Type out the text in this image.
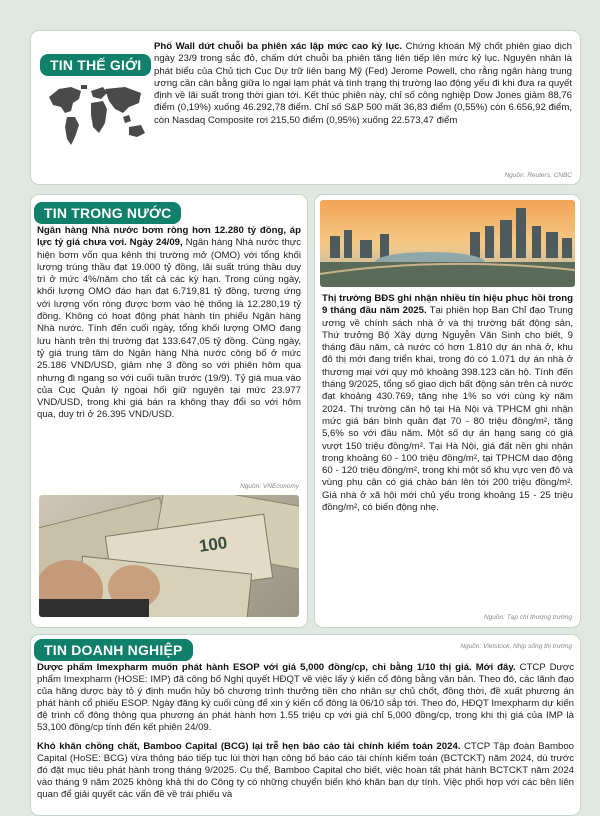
TIN THẾ GIỚI

Phố Wall dứt chuỗi ba phiên xác lập mức cao kỷ lục. Chứng khoán Mỹ chốt phiên giao dịch ngày 23/9 trong sắc đỏ, chấm dứt chuỗi ba phiên tăng liên tiếp lên mức kỷ lục. Nguyên nhân là phát biểu của Chủ tịch Cục Dự trữ liên bang Mỹ (Fed) Jerome Powell, cho rằng ngân hàng trung ương cần cân bằng giữa lo ngại lạm phát và tình trạng thị trường lao động yếu đi khi đưa ra quyết định về lãi suất trong thời gian tới. Kết thúc phiên này, chỉ số công nghiệp Dow Jones giảm 88,76 điểm (0,19%) xuống 46.292,78 điểm. Chỉ số S&P 500 mất 36,83 điểm (0,55%) còn 6.656,92 điểm, còn Nasdaq Composite rơi 215,50 điểm (0,95%) xuống 22.573,47 điểm

Nguồn: Reuters, CNBC
TIN TRONG NƯỚC

Ngân hàng Nhà nước bơm ròng hơn 12.280 tỷ đồng, áp lực tỷ giá chưa vơi. Ngày 24/09, Ngân hàng Nhà nước thực hiện bơm vốn qua kênh thị trường mở (OMO) với tổng khối lượng trúng thầu đạt 19.000 tỷ đồng, lãi suất trúng thầu duy trì ở mức 4%/năm cho tất cả các kỳ hạn. Trong cùng ngày, khối lượng OMO đáo hạn đạt 6.719,81 tỷ đồng, tương ứng với lượng vốn ròng được bơm vào hệ thống là 12.280,19 tỷ đồng. Không có hoạt động phát hành tín phiếu Ngân hàng Nhà nước. Tính đến cuối ngày, tổng khối lượng OMO đang lưu hành trên thị trường đạt 133.647,05 tỷ đồng. Cùng ngày, tỷ giá trung tâm do Ngân hàng Nhà nước công bố ở mức 25.186 VND/USD, giảm nhẹ 3 đồng so với phiên hôm qua nhưng đi ngang so với cuối tuần trước (19/9). Tỷ giá mua vào của Cục Quản lý ngoại hối giữ nguyên tại mức 23.977 VND/USD, trong khi giá bán ra không thay đổi so với hôm qua, duy trì ở 26.395 VND/USD.

Nguồn: VNEconomy
100

Thị trường BĐS ghi nhận nhiều tín hiệu phục hồi trong 9 tháng đầu năm 2025. Tại phiên họp Ban Chỉ đạo Trung ương về chính sách nhà ở và thị trường bất động sản, Thứ trưởng Bộ Xây dựng Nguyễn Văn Sinh cho biết, 9 tháng đầu năm, cả nước có hơn 1.810 dự án nhà ở, khu đô thị mới đang triển khai, trong đó có 1.071 dự án nhà ở thương mại với quy mô khoảng 398.123 căn hộ. Tính đến tháng 9/2025, tổng số giao dịch bất động sản trên cả nước đạt khoảng 430.769, tăng nhẹ 1% so với cùng kỳ năm 2024. Thị trường căn hộ tại Hà Nội và TPHCM ghi nhận mức giá bán bình quân đạt 70 - 80 triệu đồng/m², tăng 5,6% so với đầu năm. Một số dự án hạng sang có giá vượt 150 triệu đồng/m². Tại Hà Nội, giá đất nền ghi nhận trong khoảng 60 - 100 triệu đồng/m², tại TPHCM dao động 60 - 120 triệu đồng/m², trong khi một số khu vực ven đô và vùng phụ cận có giá chào bán lên tới 200 triệu đồng/m². Giá nhà ở xã hội mới chủ yếu trong khoảng 15 - 25 triệu đồng/m², có biến động nhẹ.

Nguồn: Tạp chí thương trường
TIN DOANH NGHIỆP	Nguồn: Vietstock, Nhịp sống thị trường

Dược phẩm Imexpharm muốn phát hành ESOP với giá 5,000 đồng/cp, chỉ bằng 1/10 thị giá. Mới đây. CTCP Dược phẩm Imexpharm (HOSE: IMP) đã công bố Nghị quyết HĐQT về việc lấy ý kiến cổ đông bằng văn bản. Theo đó, các lãnh đạo của hãng dược bày tỏ ý định muốn hủy bỏ chương trình thưởng tiền cho nhân sự chủ chốt, đồng thời, đề xuất phương án phát hành cổ phiếu ESOP. Ngày đăng ký cuối cùng để xin ý kiến cổ đông là 06/10 sắp tới. Theo đó, HĐQT Imexpharm dự kiến đệ trình cổ đông thông qua phương án phát hành hơn 1.55 triệu cp với giá chỉ 5,000 đồng/cp, trong khi thị giá của IMP là 53,100 đồng/cp tính đến kết phiên 24/09.

Khó khăn chồng chất, Bamboo Capital (BCG) lại trễ hẹn báo cáo tài chính kiểm toán 2024. CTCP Tập đoàn Bamboo Capital (HoSE: BCG) vừa thông báo tiếp tục lùi thời hạn công bố báo cáo tài chính kiểm toán (BCTCKT) năm 2024, dù trước đó đặt mục tiêu phát hành trong tháng 9/2025. Cụ thể, Bamboo Capital cho biết, việc hoàn tất phát hành BCTCKT năm 2024 vào tháng 9 năm 2025 không khả thi do Công ty có những chuyển biến khó khăn bạn dự tính. Việc phối hợp với các bên liên quan để giải quyết các vấn đề về trái phiếu và
